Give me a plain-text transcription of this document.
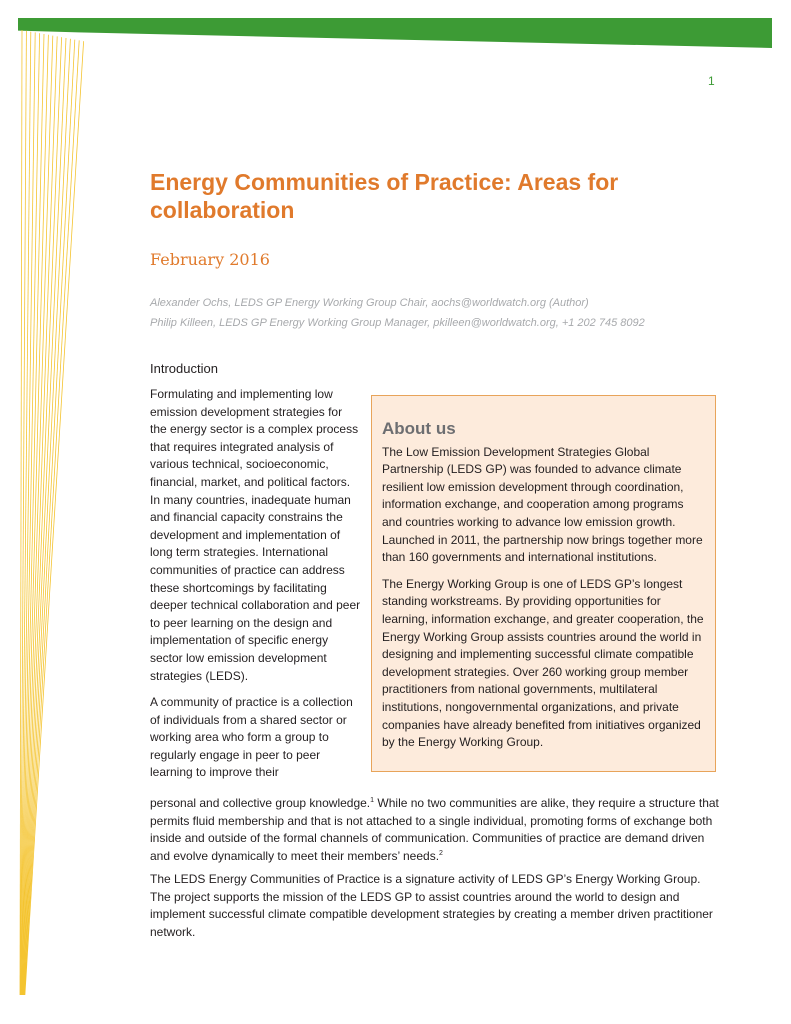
1
Energy Communities of Practice: Areas for collaboration
February 2016
Alexander Ochs, LEDS GP Energy Working Group Chair, aochs@worldwatch.org (Author)
Philip Killeen, LEDS GP Energy Working Group Manager, pkilleen@worldwatch.org, +1 202 745 8092
Introduction

Formulating and implementing low emission development strategies for the energy sector is a complex process that requires integrated analysis of various technical, socioeconomic, financial, market, and political factors. In many countries, inadequate human and financial capacity constrains the development and implementation of long term strategies. International communities of practice can address these shortcomings by facilitating deeper technical collaboration and peer to peer learning on the design and implementation of specific energy sector low emission development strategies (LEDS).

A community of practice is a collection of individuals from a shared sector or working area who form a group to regularly engage in peer to peer learning to improve their

About us

The Low Emission Development Strategies Global Partnership (LEDS GP) was founded to advance climate resilient low emission development through coordination, information exchange, and cooperation among programs and countries working to advance low emission growth. Launched in 2011, the partnership now brings together more than 160 governments and international institutions.

The Energy Working Group is one of LEDS GP’s longest standing workstreams. By providing opportunities for learning, information exchange, and greater cooperation, the Energy Working Group assists countries around the world in designing and implementing successful climate compatible development strategies. Over 260 working group member practitioners from national governments, multilateral institutions, nongovernmental organizations, and private companies have already benefited from initiatives organized by the Energy Working Group.

personal and collective group knowledge.$^1$ While no two communities are alike, they require a structure that permits fluid membership and that is not attached to a single individual, promoting forms of exchange both inside and outside of the formal channels of communication. Communities of practice are demand driven and evolve dynamically to meet their members’ needs.$^2$

The LEDS Energy Communities of Practice is a signature activity of LEDS GP’s Energy Working Group. The project supports the mission of the LEDS GP to assist countries around the world to design and implement successful climate compatible development strategies by creating a member driven practitioner network.
